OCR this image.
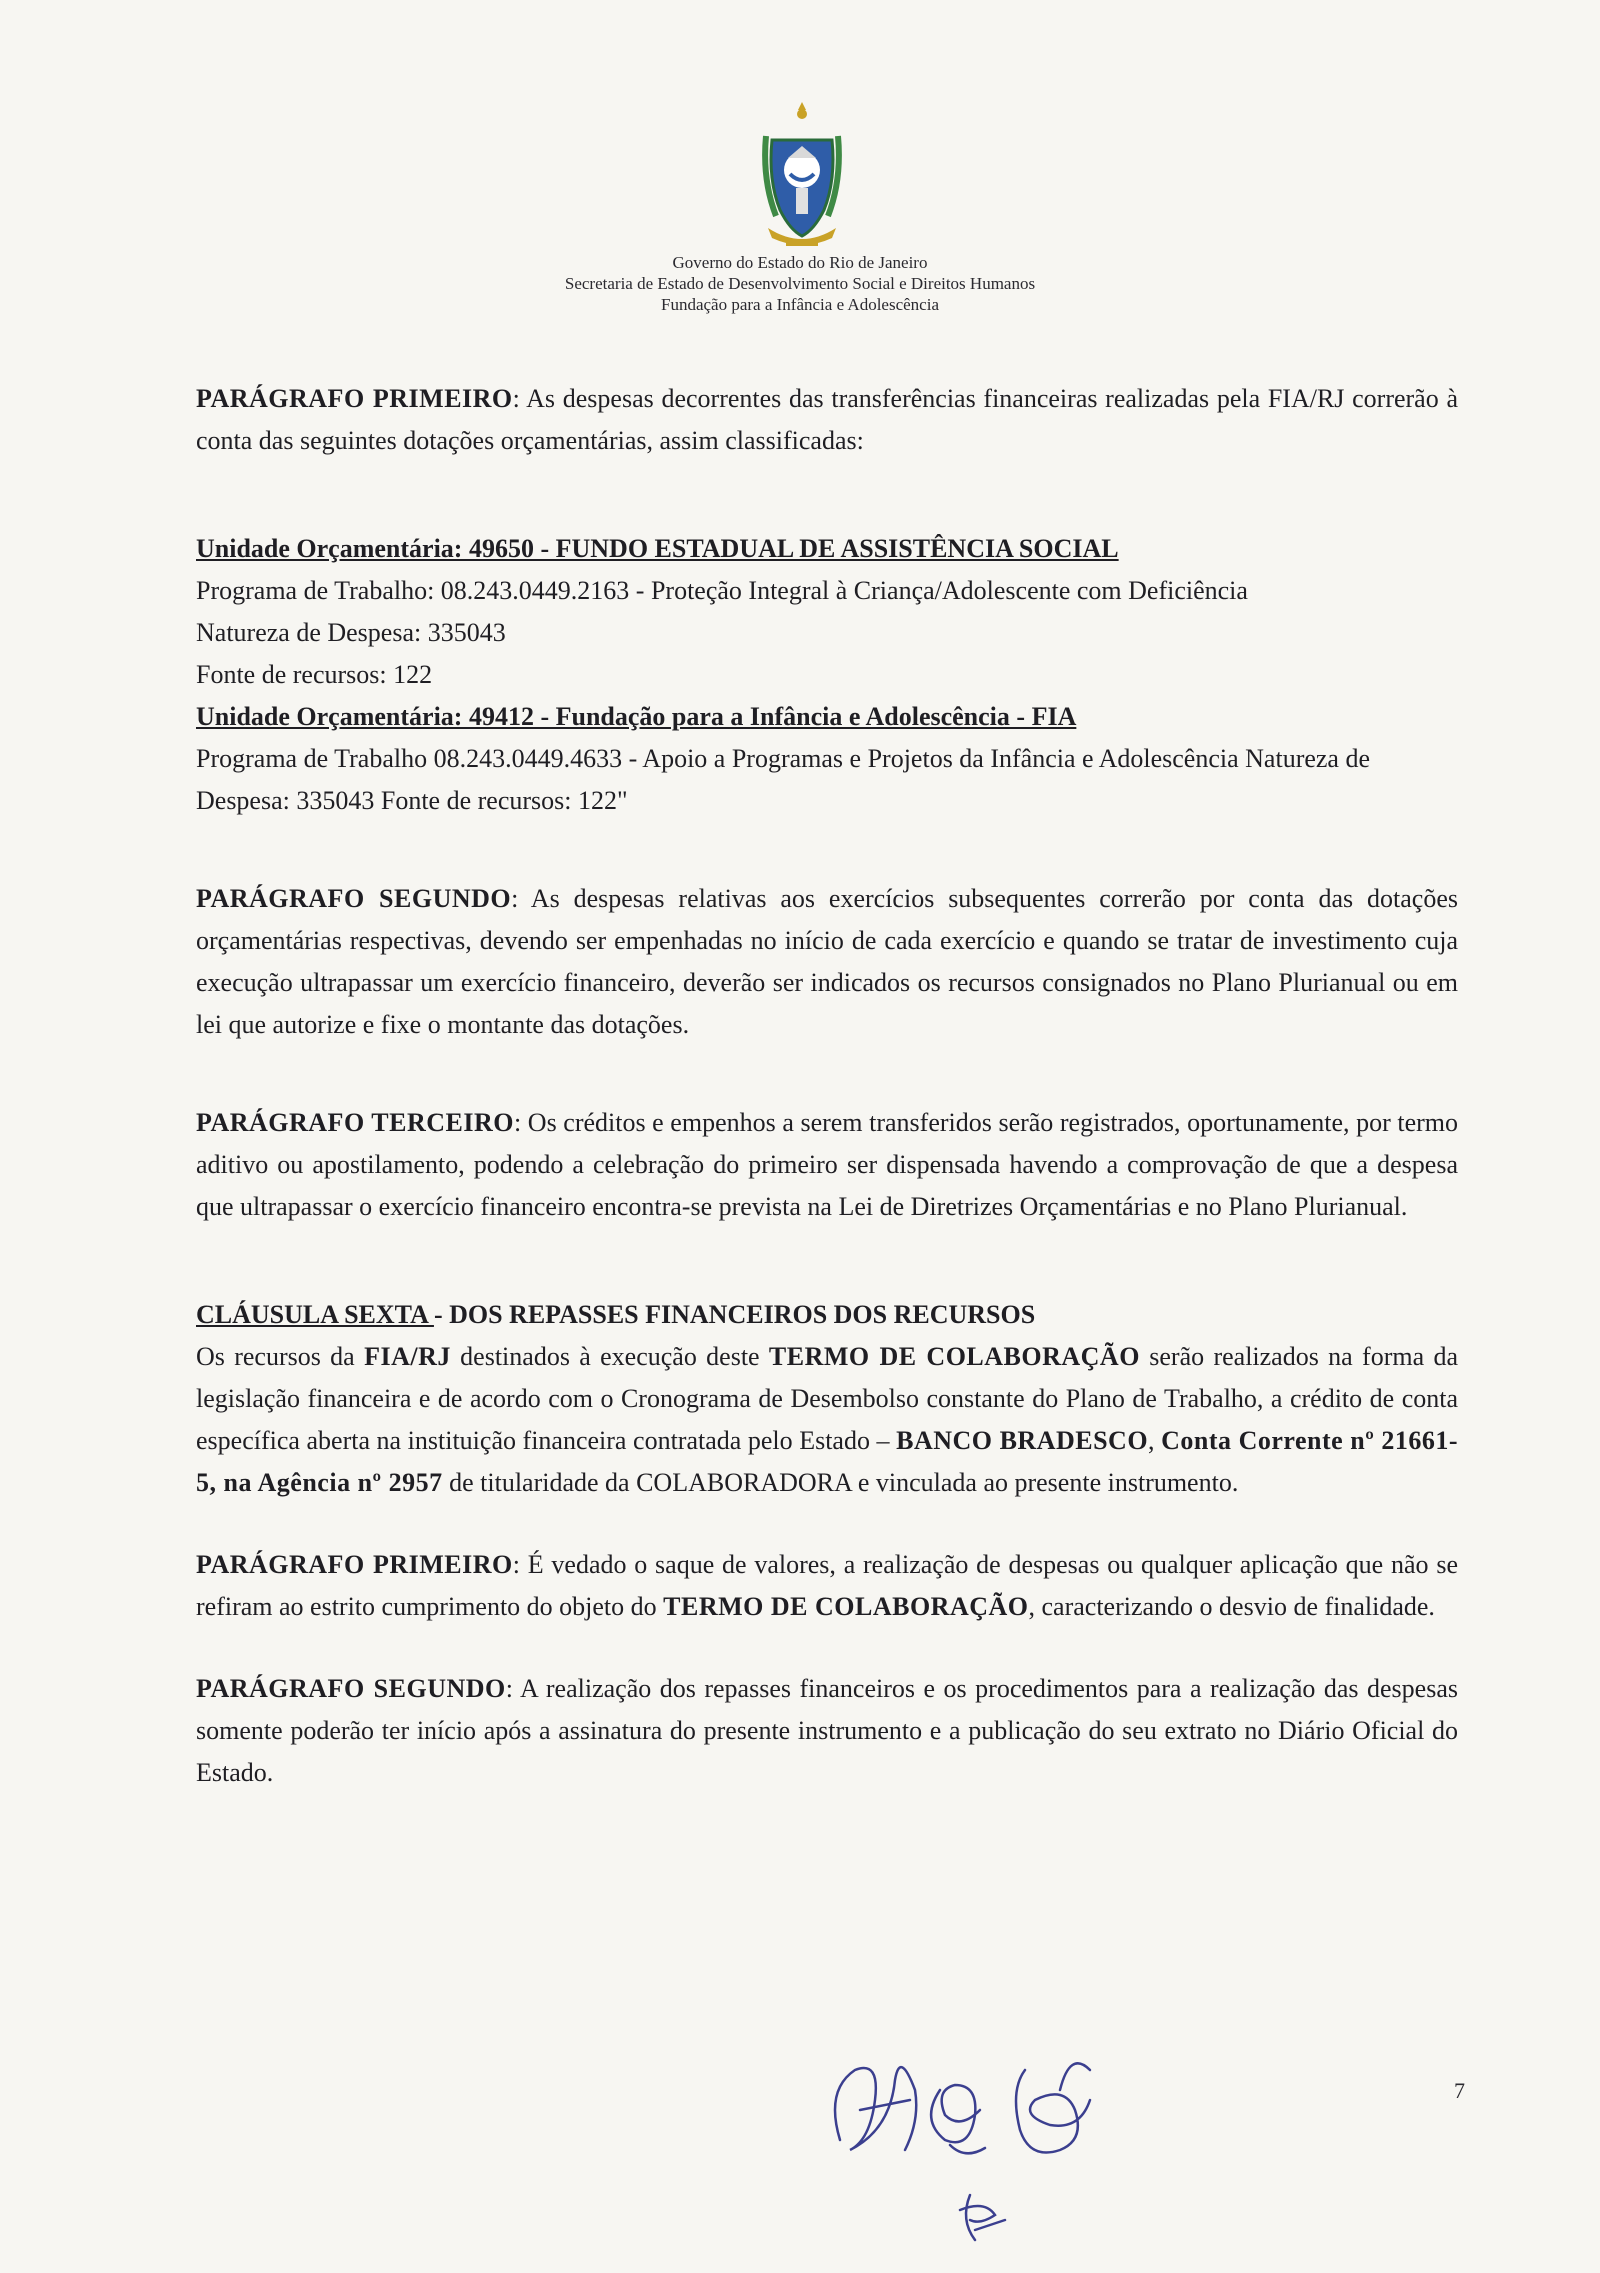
Governo do Estado do Rio de Janeiro
Secretaria de Estado de Desenvolvimento Social e Direitos Humanos
Fundação para a Infância e Adolescência

PARÁGRAFO PRIMEIRO: As despesas decorrentes das transferências financeiras realizadas pela FIA/RJ correrão à conta das seguintes dotações orçamentárias, assim classificadas:

Unidade Orçamentária: 49650 - FUNDO ESTADUAL DE ASSISTÊNCIA SOCIAL
Programa de Trabalho: 08.243.0449.2163 - Proteção Integral à Criança/Adolescente com Deficiência
Natureza de Despesa: 335043
Fonte de recursos: 122
Unidade Orçamentária: 49412 - Fundação para a Infância e Adolescência - FIA
Programa de Trabalho 08.243.0449.4633 - Apoio a Programas e Projetos da Infância e Adolescência Natureza de Despesa: 335043 Fonte de recursos: 122"

PARÁGRAFO SEGUNDO: As despesas relativas aos exercícios subsequentes correrão por conta das dotações orçamentárias respectivas, devendo ser empenhadas no início de cada exercício e quando se tratar de investimento cuja execução ultrapassar um exercício financeiro, deverão ser indicados os recursos consignados no Plano Plurianual ou em lei que autorize e fixe o montante das dotações.

PARÁGRAFO TERCEIRO: Os créditos e empenhos a serem transferidos serão registrados, oportunamente, por termo aditivo ou apostilamento, podendo a celebração do primeiro ser dispensada havendo a comprovação de que a despesa que ultrapassar o exercício financeiro encontra-se prevista na Lei de Diretrizes Orçamentárias e no Plano Plurianual.

CLÁUSULA SEXTA - DOS REPASSES FINANCEIROS DOS RECURSOS

Os recursos da FIA/RJ destinados à execução deste TERMO DE COLABORAÇÃO serão realizados na forma da legislação financeira e de acordo com o Cronograma de Desembolso constante do Plano de Trabalho, a crédito de conta específica aberta na instituição financeira contratada pelo Estado – BANCO BRADESCO, Conta Corrente nº 21661-5, na Agência nº 2957 de titularidade da COLABORADORA e vinculada ao presente instrumento.

PARÁGRAFO PRIMEIRO: É vedado o saque de valores, a realização de despesas ou qualquer aplicação que não se refiram ao estrito cumprimento do objeto do TERMO DE COLABORAÇÃO, caracterizando o desvio de finalidade.

PARÁGRAFO SEGUNDO: A realização dos repasses financeiros e os procedimentos para a realização das despesas somente poderão ter início após a assinatura do presente instrumento e a publicação do seu extrato no Diário Oficial do Estado.

7
